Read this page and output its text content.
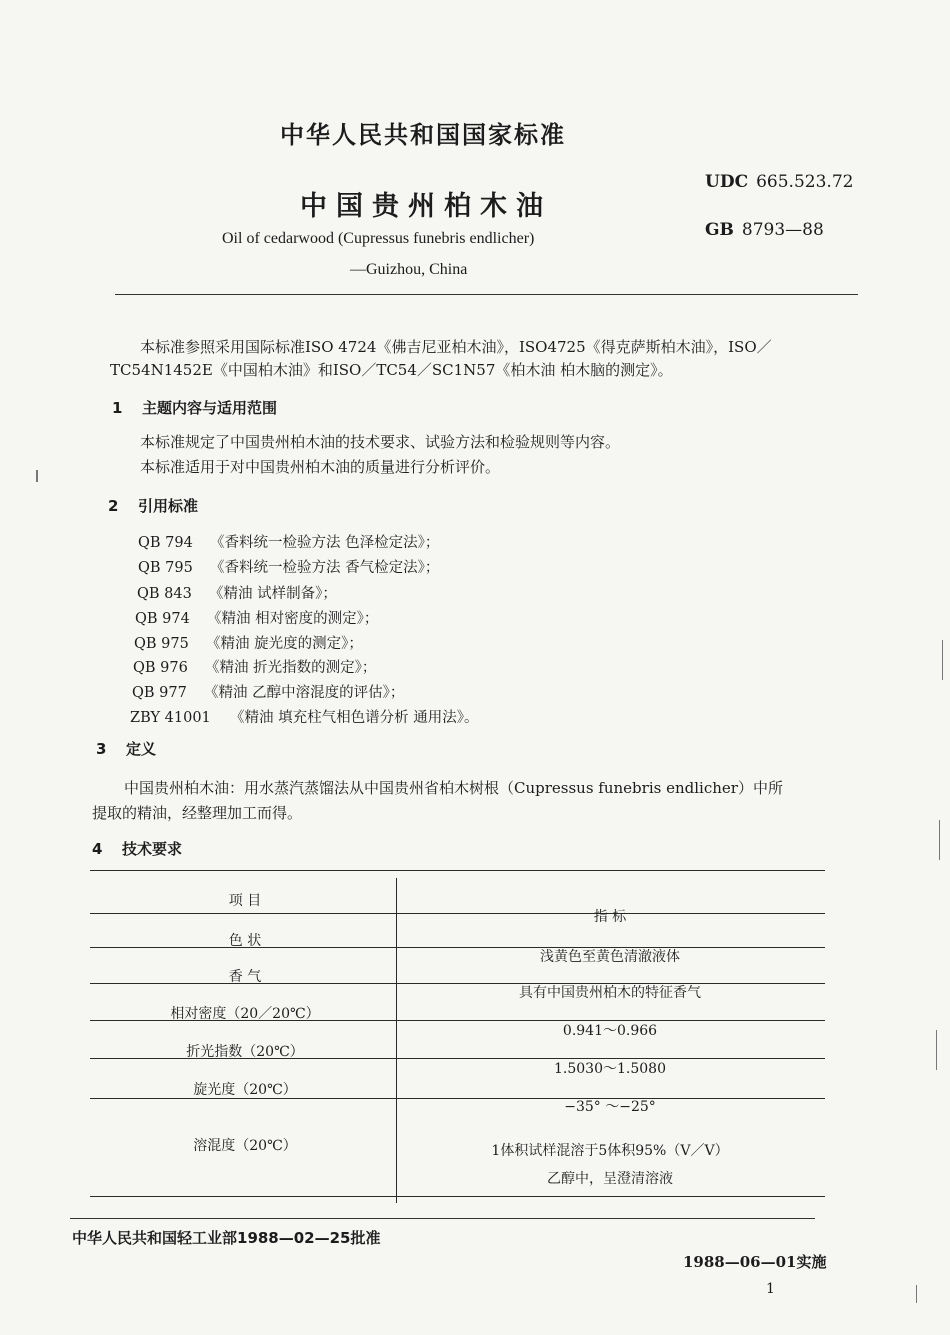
中华人民共和国国家标准
中国贵州柏木油
UDC 665.523.72
GB 8793—88
Oil of cedarwood (Cupressus funebris endlicher)
—Guizhou, China
本标准参照采用国际标准ISO 4724《佛吉尼亚柏木油》，ISO4725《得克萨斯柏木油》，ISO／
TC54N1452E《中国柏木油》和ISO／TC54／SC1N57《柏木油 柏木脑的测定》。
1 主题内容与适用范围
本标准规定了中国贵州柏木油的技术要求、试验方法和检验规则等内容。
本标准适用于对中国贵州柏木油的质量进行分析评价。
2 引用标准
QB 794 《香料统一检验方法 色泽检定法》；
QB 795 《香料统一检验方法 香气检定法》；
QB 843 《精油 试样制备》；
QB 974 《精油 相对密度的测定》；
QB 975 《精油 旋光度的测定》；
QB 976 《精油 折光指数的测定》；
QB 977 《精油 乙醇中溶混度的评估》；
ZBY 41001 《精油 填充柱气相色谱分析 通用法》。
3 定义
中国贵州柏木油：用水蒸汽蒸馏法从中国贵州省柏木树根（Cupressus funebris endlicher）中所
提取的精油，经整理加工而得。
4 技术要求
项 目
指 标
色 状
浅黄色至黄色清澈液体
香 气
具有中国贵州柏木的特征香气
相对密度（20／20℃）
0.941～0.966
折光指数（20℃）
1.5030～1.5080
旋光度（20℃）
−35° ～−25°
溶混度（20℃）	1体积试样混溶于5体积95%（V／V）
乙醇中，呈澄清溶液
中华人民共和国轻工业部1988—02—25批准
1988—06—01实施
1
